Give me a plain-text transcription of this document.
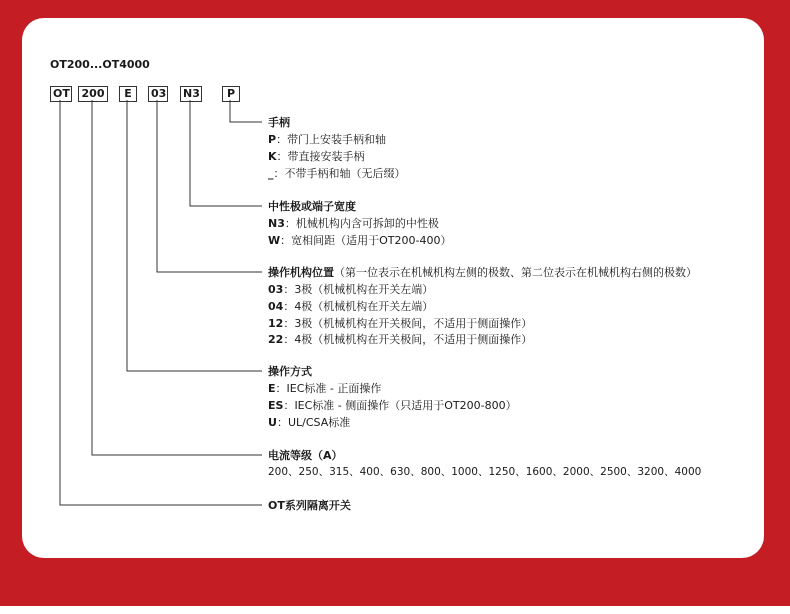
OT200...OT4000
OT	200	E	03 N3	P
手柄
P：带门上安装手柄和轴
K：带直接安装手柄
_：不带手柄和轴（无后缀）
中性极或端子宽度
N3：机械机构内含可拆卸的中性极
W：宽相间距（适用于OT200-400）
操作机构位置（第一位表示在机械机构左侧的极数、第二位表示在机械机构右侧的极数）
03：3极（机械机构在开关左端）
04：4极（机械机构在开关左端）
12：3极（机械机构在开关极间，不适用于侧面操作）
22：4极（机械机构在开关极间，不适用于侧面操作）
操作方式
E：IEC标准 - 正面操作
ES：IEC标准 - 侧面操作（只适用于OT200-800）
U：UL/CSA标准
电流等级（A）
200、250、315、400、630、800、1000、1250、1600、2000、2500、3200、4000
OT系列隔离开关
